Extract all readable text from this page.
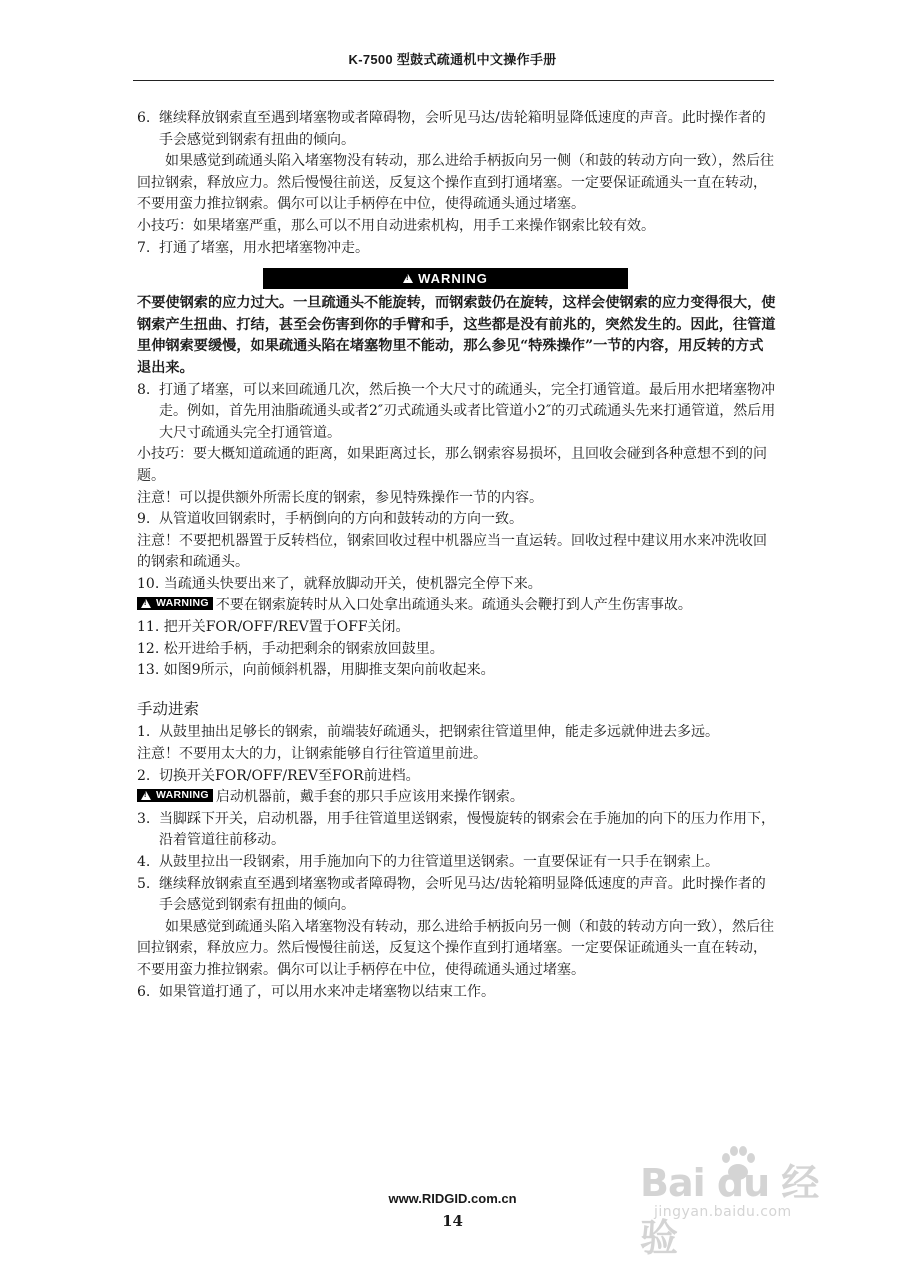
K-7500 型鼓式疏通机中文操作手册
6. 继续释放钢索直至遇到堵塞物或者障碍物，会听见马达/齿轮箱明显降低速度的声音。此时操作者的手会感觉到钢索有扭曲的倾向。

如果感觉到疏通头陷入堵塞物没有转动，那么进给手柄扳向另一侧（和鼓的转动方向一致），然后往回拉钢索，释放应力。然后慢慢往前送，反复这个操作直到打通堵塞。一定要保证疏通头一直在转动，不要用蛮力推拉钢索。偶尔可以让手柄停在中位，使得疏通头通过堵塞。

小技巧：如果堵塞严重，那么可以不用自动进索机构，用手工来操作钢索比较有效。

7. 打通了堵塞，用水把堵塞物冲走。
!
WARNING

不要使钢索的应力过大。一旦疏通头不能旋转，而钢索鼓仍在旋转，这样会使钢索的应力变得很大，使钢索产生扭曲、打结，甚至会伤害到你的手臂和手，这些都是没有前兆的，突然发生的。因此，往管道里伸钢索要缓慢，如果疏通头陷在堵塞物里不能动，那么参见“特殊操作”一节的内容，用反转的方式退出来。

8. 打通了堵塞，可以来回疏通几次，然后换一个大尺寸的疏通头，完全打通管道。最后用水把堵塞物冲走。例如，首先用油脂疏通头或者2″刃式疏通头或者比管道小2″的刃式疏通头先来打通管道，然后用大尺寸疏通头完全打通管道。

小技巧：要大概知道疏通的距离，如果距离过长，那么钢索容易损坏，且回收会碰到各种意想不到的问题。

注意！可以提供额外所需长度的钢索，参见特殊操作一节的内容。

9. 从管道收回钢索时，手柄倒向的方向和鼓转动的方向一致。

注意！不要把机器置于反转档位，钢索回收过程中机器应当一直运转。回收过程中建议用水来冲洗收回的钢索和疏通头。

10. 当疏通头快要出来了，就释放脚动开关，使机器完全停下来。

!
WARNING 不要在钢索旋转时从入口处拿出疏通头来。疏通头会鞭打到人产生伤害事故。

11. 把开关FOR/OFF/REV置于OFF关闭。

12. 松开进给手柄，手动把剩余的钢索放回鼓里。

13. 如图9所示，向前倾斜机器，用脚推支架向前收起来。

手动进索

1. 从鼓里抽出足够长的钢索，前端装好疏通头，把钢索往管道里伸，能走多远就伸进去多远。

注意！不要用太大的力，让钢索能够自行往管道里前进。

2. 切换开关FOR/OFF/REV至FOR前进档。

!
WARNING 启动机器前，戴手套的那只手应该用来操作钢索。

3. 当脚踩下开关，启动机器，用手往管道里送钢索，慢慢旋转的钢索会在手施加的向下的压力作用下，沿着管道往前移动。
4. 从鼓里拉出一段钢索，用手施加向下的力往管道里送钢索。一直要保证有一只手在钢索上。
5. 继续释放钢索直至遇到堵塞物或者障碍物，会听见马达/齿轮箱明显降低速度的声音。此时操作者的手会感觉到钢索有扭曲的倾向。

如果感觉到疏通头陷入堵塞物没有转动，那么进给手柄扳向另一侧（和鼓的转动方向一致），然后往回拉钢索，释放应力。然后慢慢往前送，反复这个操作直到打通堵塞。一定要保证疏通头一直在转动，不要用蛮力推拉钢索。偶尔可以让手柄停在中位，使得疏通头通过堵塞。

6. 如果管道打通了，可以用水来冲走堵塞物以结束工作。
www.RIDGID.com.cn
14
Bai du 经验
jingyan.baidu.com
